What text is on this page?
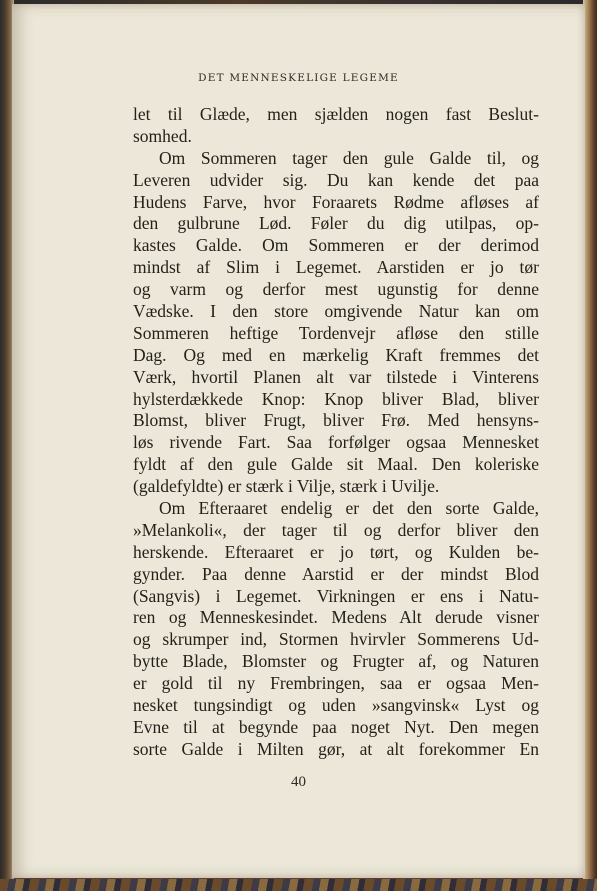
DET MENNESKELIGE LEGEME
let til Glæde, men sjælden nogen fast Beslut-
somhed.
Om Sommeren tager den gule Galde til, og
Leveren udvider sig. Du kan kende det paa
Hudens Farve, hvor Foraarets Rødme afløses af
den gulbrune Lød. Føler du dig utilpas, op-
kastes Galde. Om Sommeren er der derimod
mindst af Slim i Legemet. Aarstiden er jo tør
og varm og derfor mest ugunstig for denne
Vædske. I den store omgivende Natur kan om
Sommeren heftige Tordenvejr afløse den stille
Dag. Og med en mærkelig Kraft fremmes det
Værk, hvortil Planen alt var tilstede i Vinterens
hylsterdækkede Knop: Knop bliver Blad, bliver
Blomst, bliver Frugt, bliver Frø. Med hensyns-
løs rivende Fart. Saa forfølger ogsaa Mennesket
fyldt af den gule Galde sit Maal. Den koleriske
(galdefyldte) er stærk i Vilje, stærk i Uvilje.
Om Efteraaret endelig er det den sorte Galde,
»Melankoli«, der tager til og derfor bliver den
herskende. Efteraaret er jo tørt, og Kulden be-
gynder. Paa denne Aarstid er der mindst Blod
(Sangvis) i Legemet. Virkningen er ens i Natu-
ren og Menneskesindet. Medens Alt derude visner
og skrumper ind, Stormen hvirvler Sommerens Ud-
bytte Blade, Blomster og Frugter af, og Naturen
er gold til ny Frembringen, saa er ogsaa Men-
nesket tungsindigt og uden »sangvinsk« Lyst og
Evne til at begynde paa noget Nyt. Den megen
sorte Galde i Milten gør, at alt forekommer En
40
